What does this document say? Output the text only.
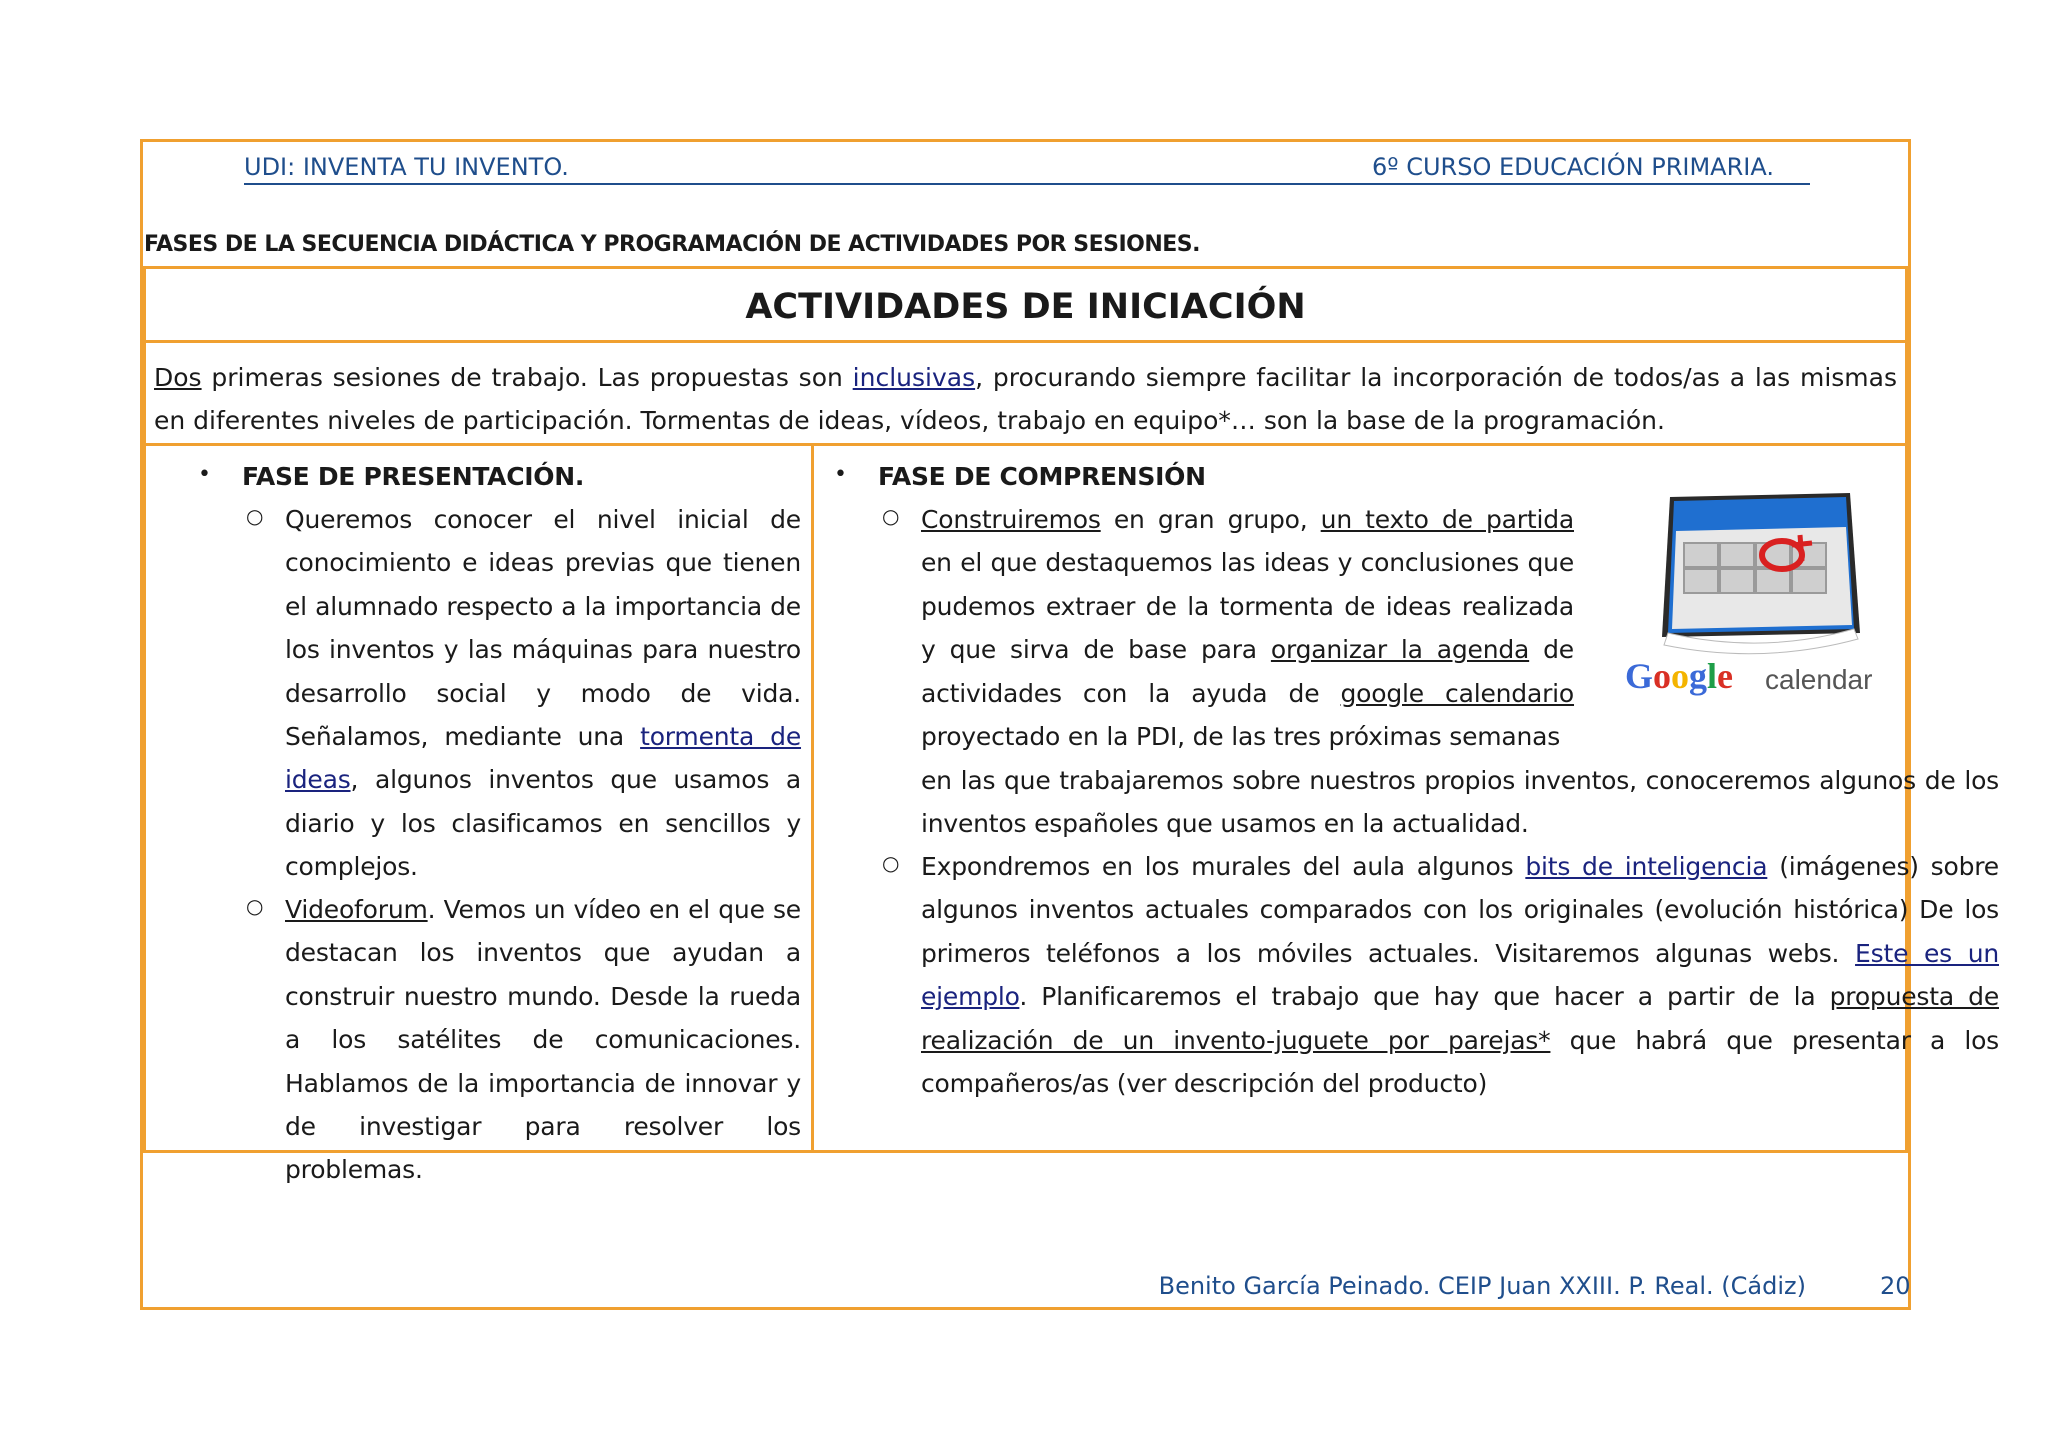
UDI: INVENTA TU INVENTO.	6º CURSO EDUCACIÓN PRIMARIA.
FASES DE LA SECUENCIA DIDÁCTICA Y PROGRAMACIÓN DE ACTIVIDADES POR SESIONES.
ACTIVIDADES DE INICIACIÓN
Dos primeras sesiones de trabajo. Las propuestas son inclusivas, procurando siempre facilitar la incorporación de todos/as a las mismas en diferentes niveles de participación. Tormentas de ideas, vídeos, trabajo en equipo*… son la base de la programación.
• FASE DE PRESENTACIÓN.
○ Queremos conocer el nivel inicial de conocimiento e ideas previas que tienen el alumnado respecto a la importancia de los inventos y las máquinas para nuestro desarrollo social y modo de vida. Señalamos, mediante una tormenta de ideas, algunos inventos que usamos a diario y los clasificamos en sencillos y complejos.
○ Videoforum. Vemos un vídeo en el que se destacan los inventos que ayudan a construir nuestro mundo. Desde la rueda a los satélites de comunicaciones. Hablamos de la importancia de innovar y de investigar para resolver los problemas.
• FASE DE COMPRENSIÓN
○ Construiremos en gran grupo, un texto de partida en el que destaquemos las ideas y conclusiones que pudemos extraer de la tormenta de ideas realizada y que sirva de base para organizar la agenda de actividades con la ayuda de google calendario proyectado en la PDI, de las tres próximas semanas
en las que trabajaremos sobre nuestros propios inventos, conoceremos algunos de los inventos españoles que usamos en la actualidad.
○ Expondremos en los murales del aula algunos bits de inteligencia (imágenes) sobre algunos inventos actuales comparados con los originales (evolución histórica) De los primeros teléfonos a los móviles actuales. Visitaremos algunas webs. Este es un ejemplo. Planificaremos el trabajo que hay que hacer a partir de la propuesta de realización de un invento-juguete por parejas* que habrá que presentar a los compañeros/as (ver descripción del producto)
Google calendar
Benito García Peinado. CEIP Juan XXIII. P. Real. (Cádiz)	20
